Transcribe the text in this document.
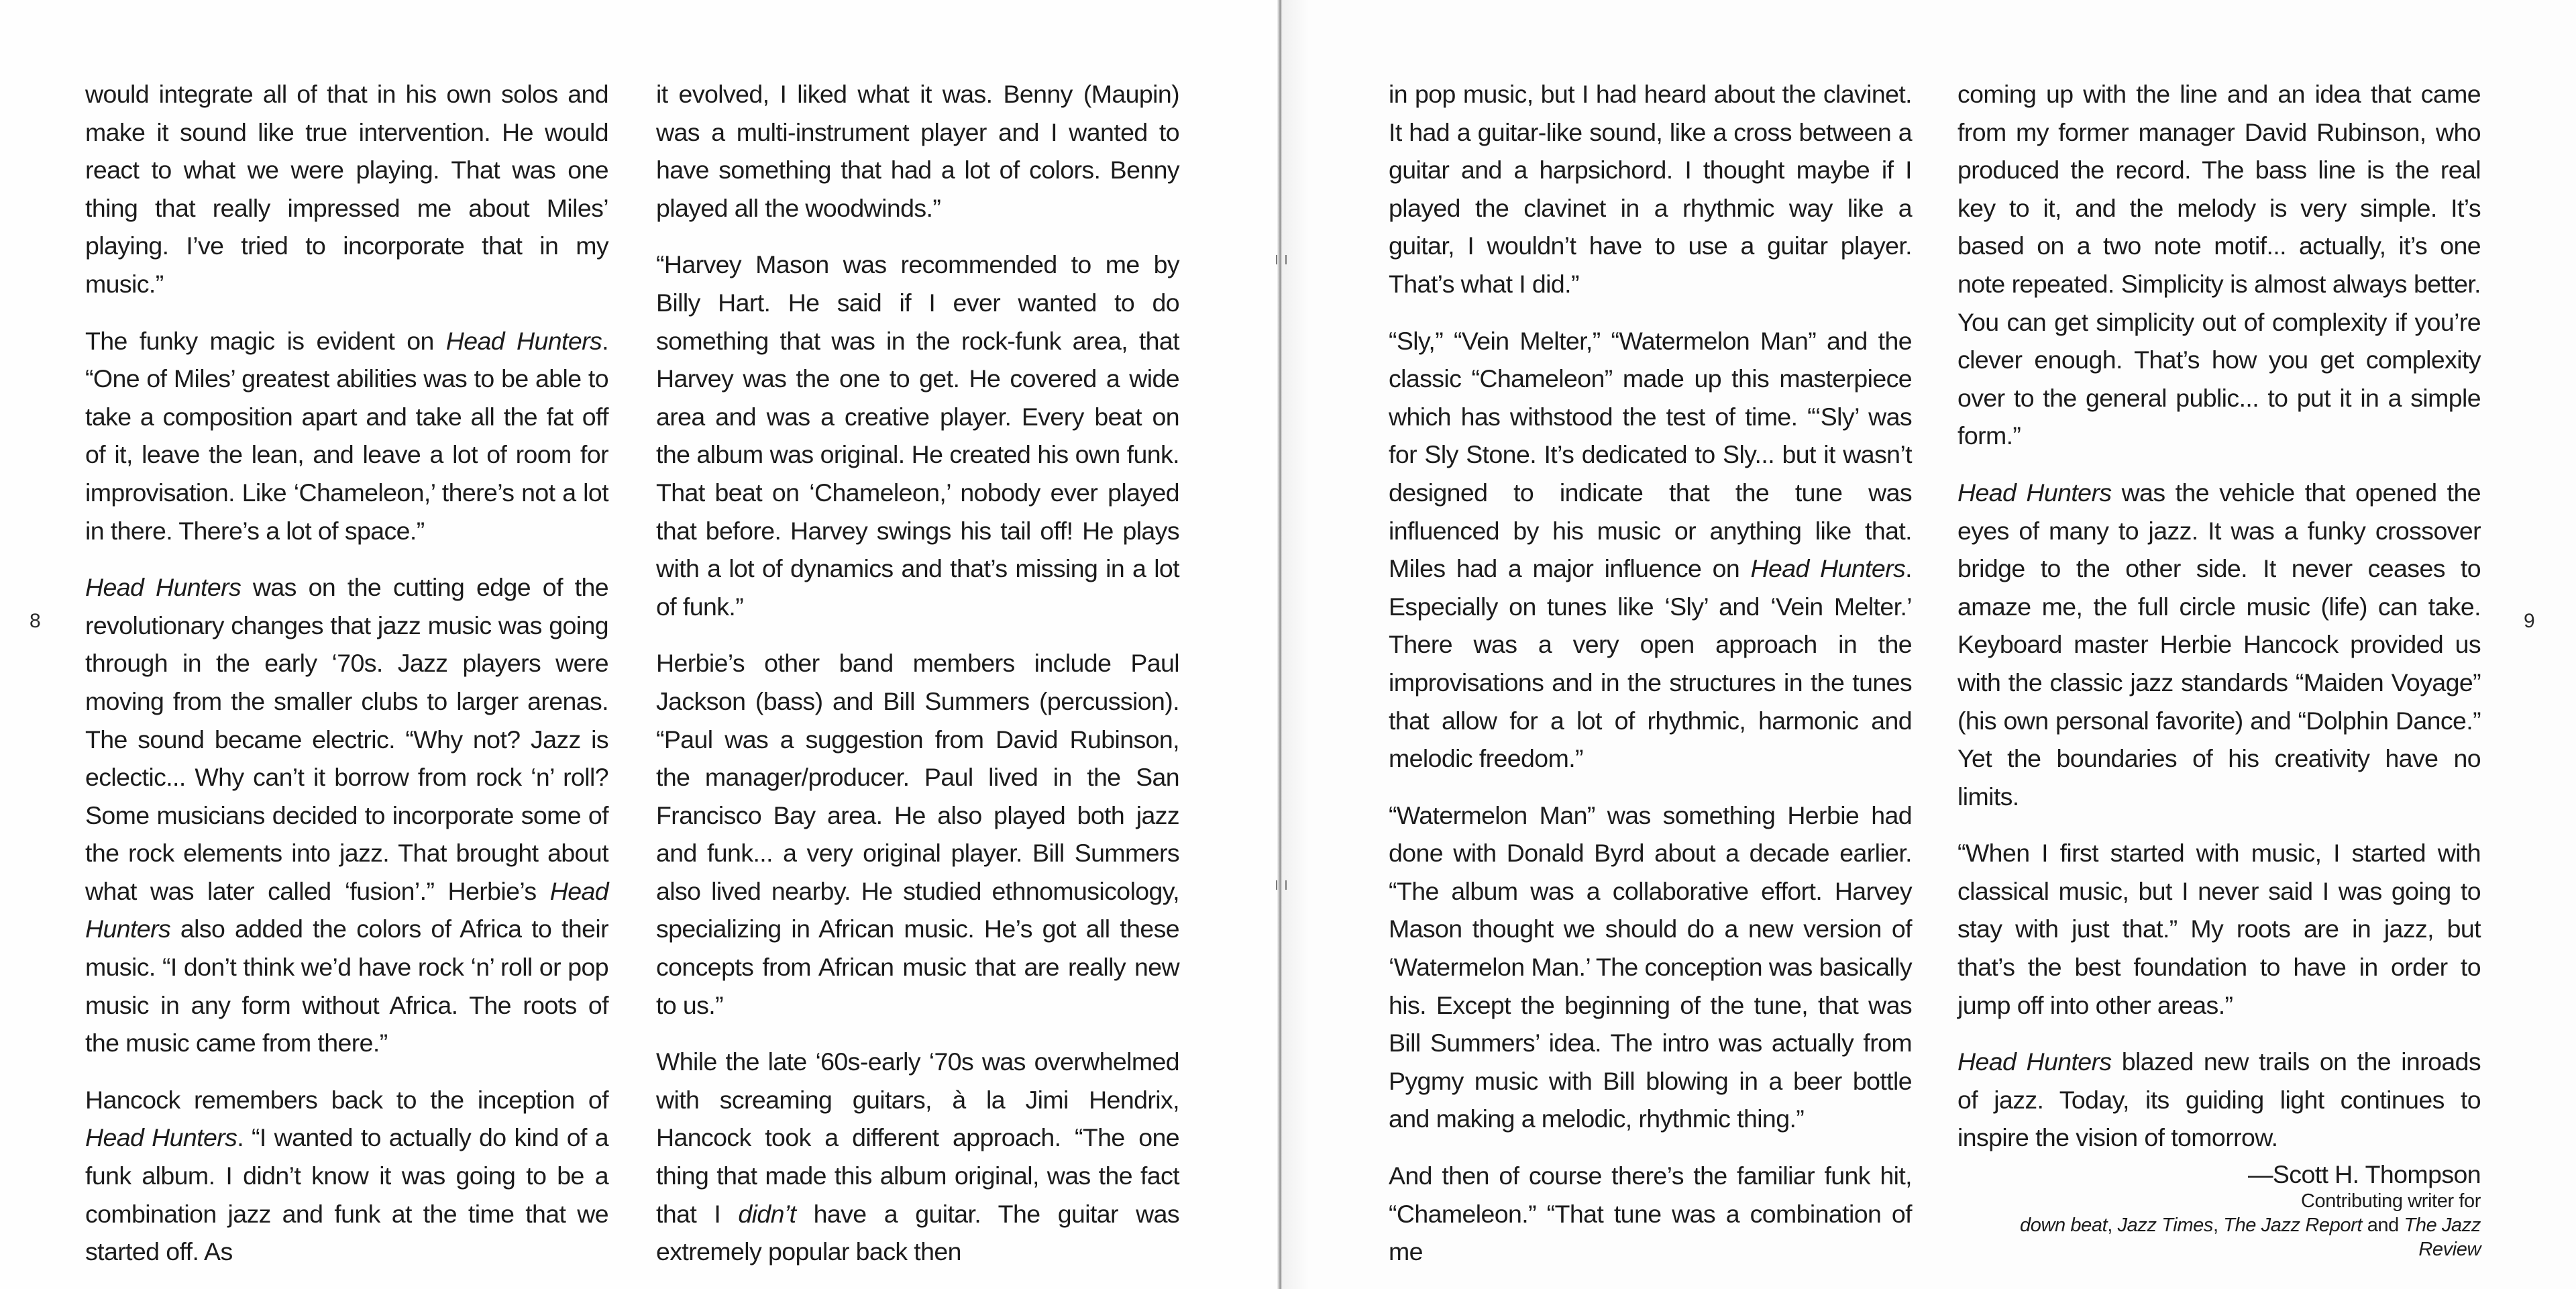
8

would integrate all of that in his own solos and make it sound like true intervention. He would react to what we were playing. That was one thing that really impressed me about Miles’ playing. I’ve tried to incorporate that in my music.”

The funky magic is evident on Head Hunters. “One of Miles’ greatest abilities was to be able to take a composition apart and take all the fat off of it, leave the lean, and leave a lot of room for improvisation. Like ‘Chameleon,’ there’s not a lot in there. There’s a lot of space.”

Head Hunters was on the cutting edge of the revolutionary changes that jazz music was going through in the early ‘70s. Jazz players were moving from the smaller clubs to larger arenas. The sound became electric. “Why not? Jazz is eclectic... Why can’t it borrow from rock ‘n’ roll? Some musicians decided to incorporate some of the rock elements into jazz. That brought about what was later called ‘fusion’.” Herbie’s Head Hunters also added the colors of Africa to their music. “I don’t think we’d have rock ‘n’ roll or pop music in any form without Africa. The roots of the music came from there.”

Hancock remembers back to the inception of Head Hunters. “I wanted to actually do kind of a funk album. I didn’t know it was going to be a combination jazz and funk at the time that we started off. As

it evolved, I liked what it was. Benny (Maupin) was a multi-instrument player and I wanted to have something that had a lot of colors. Benny played all the woodwinds.”

“Harvey Mason was recommended to me by Billy Hart. He said if I ever wanted to do something that was in the rock-funk area, that Harvey was the one to get. He covered a wide area and was a creative player. Every beat on the album was original. He created his own funk. That beat on ‘Chameleon,’ nobody ever played that before. Harvey swings his tail off! He plays with a lot of dynamics and that’s missing in a lot of funk.”

Herbie’s other band members include Paul Jackson (bass) and Bill Summers (percussion). “Paul was a suggestion from David Rubinson, the manager/producer. Paul lived in the San Francisco Bay area. He also played both jazz and funk... a very original player. Bill Summers also lived nearby. He studied ethnomusicology, specializing in African music. He’s got all these concepts from African music that are really new to us.”

While the late ‘60s-early ‘70s was overwhelmed with screaming guitars, à la Jimi Hendrix, Hancock took a different approach. “The one thing that made this album original, was the fact that I didn’t have a guitar. The guitar was extremely popular back then

in pop music, but I had heard about the clavinet. It had a guitar-like sound, like a cross between a guitar and a harpsichord. I thought maybe if I played the clavinet in a rhythmic way like a guitar, I wouldn’t have to use a guitar player. That’s what I did.”

“Sly,” “Vein Melter,” “Watermelon Man” and the classic “Chameleon” made up this masterpiece which has withstood the test of time. “‘Sly’ was for Sly Stone. It’s dedicated to Sly... but it wasn’t designed to indicate that the tune was influenced by his music or anything like that. Miles had a major influence on Head Hunters. Especially on tunes like ‘Sly’ and ‘Vein Melter.’ There was a very open approach in the improvisations and in the structures in the tunes that allow for a lot of rhythmic, harmonic and melodic freedom.”

“Watermelon Man” was something Herbie had done with Donald Byrd about a decade earlier. “The album was a collaborative effort. Harvey Mason thought we should do a new version of ‘Watermelon Man.’ The conception was basically his. Except the beginning of the tune, that was Bill Summers’ idea. The intro was actually from Pygmy music with Bill blowing in a beer bottle and making a melodic, rhythmic thing.”

And then of course there’s the familiar funk hit, “Chameleon.” “That tune was a combination of me

coming up with the line and an idea that came from my former manager David Rubinson, who produced the record. The bass line is the real key to it, and the melody is very simple. It’s based on a two note motif... actually, it’s one note repeated. Simplicity is almost always better. You can get simplicity out of complexity if you’re clever enough. That’s how you get complexity over to the general public... to put it in a simple form.”

Head Hunters was the vehicle that opened the eyes of many to jazz. It was a funky crossover bridge to the other side. It never ceases to amaze me, the full circle music (life) can take. Keyboard master Herbie Hancock provided us with the classic jazz standards “Maiden Voyage” (his own personal favorite) and “Dolphin Dance.” Yet the boundaries of his creativity have no limits.

“When I first started with music, I started with classical music, but I never said I was going to stay with just that.” My roots are in jazz, but that’s the best foundation to have in order to jump off into other areas.”

Head Hunters blazed new trails on the inroads of jazz. Today, its guiding light continues to inspire the vision of tomorrow.

—Scott H. Thompson
Contributing writer for
down beat, Jazz Times, The Jazz Report and The Jazz Review
9
